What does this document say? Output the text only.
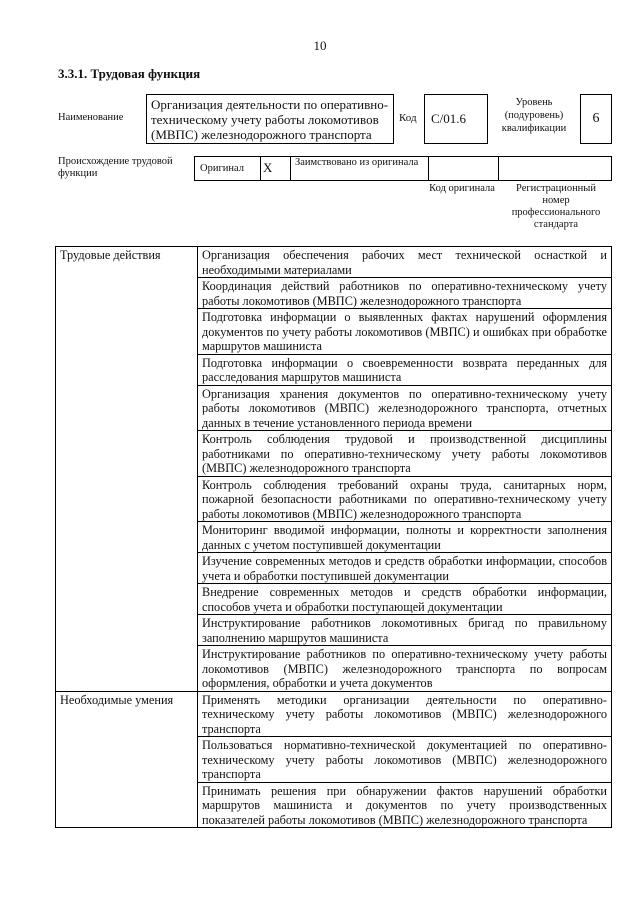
10
3.3.1. Трудовая функция
Наименование
Организация деятельности по оперативно-техническому учету работы локомотивов (МВПС) железнодорожного транспорта
Код	C/01.6
Уровень (подуровень) квалификации
6
Происхождение трудовой функции	Оригинал	X	Заимствовано из оригинала
Код оригинала	Регистрационный номер профессионального стандарта
Трудовые действия	Организация обеспечения рабочих мест технической оснасткой и необходимыми материалами
	Координация действий работников по оперативно-техническому учету работы локомотивов (МВПС) железнодорожного транспорта
	Подготовка информации о выявленных фактах нарушений оформления документов по учету работы локомотивов (МВПС) и ошибках при обработке маршрутов машиниста
	Подготовка информации о своевременности возврата переданных для расследования маршрутов машиниста
	Организация хранения документов по оперативно-техническому учету работы локомотивов (МВПС) железнодорожного транспорта, отчетных данных в течение установленного периода времени
	Контроль соблюдения трудовой и производственной дисциплины работниками по оперативно-техническому учету работы локомотивов (МВПС) железнодорожного транспорта
	Контроль соблюдения требований охраны труда, санитарных норм, пожарной безопасности работниками по оперативно-техническому учету работы локомотивов (МВПС) железнодорожного транспорта
	Мониторинг вводимой информации, полноты и корректности заполнения данных с учетом поступившей документации
	Изучение современных методов и средств обработки информации, способов учета и обработки поступившей документации
	Внедрение современных методов и средств обработки информации, способов учета и обработки поступающей документации
	Инструктирование работников локомотивных бригад по правильному заполнению маршрутов машиниста
	Инструктирование работников по оперативно-техническому учету работы локомотивов (МВПС) железнодорожного транспорта по вопросам оформления, обработки и учета документов
Необходимые умения	Применять методики организации деятельности по оперативно-техническому учету работы локомотивов (МВПС) железнодорожного транспорта
	Пользоваться нормативно-технической документацией по оперативно-техническому учету работы локомотивов (МВПС) железнодорожного транспорта
	Принимать решения при обнаружении фактов нарушений обработки маршрутов машиниста и документов по учету производственных показателей работы локомотивов (МВПС) железнодорожного транспорта
